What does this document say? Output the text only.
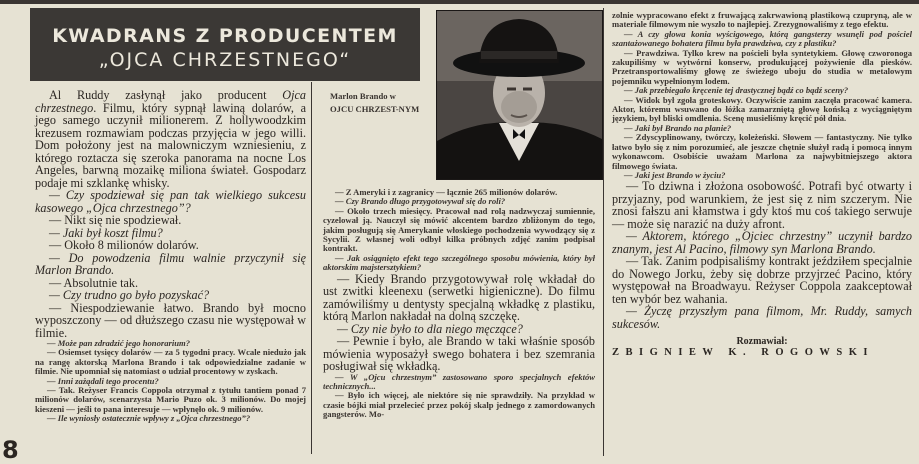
KWADRANS Z PRODUCENTEM
„OJCA CHRZESTNEGO“
Marlon Brando w OJCU CHRZEST-NYM

Al Ruddy zasłynął jako producent Ojca chrzestnego. Filmu, który sypnął lawiną dolarów, a jego samego uczynił milionerem. Z hollywoodzkim krezusem rozmawiam podczas przyjęcia w jego willi. Dom położony jest na malowniczym wzniesieniu, z którego roztacza się szeroka panorama na nocne Los Angeles, barwną mozaikę miliona świateł. Gospodarz podaje mi szklankę whisky.

— Czy spodziewał się pan tak wielkiego sukcesu kasowego „Ojca chrzestnego”?

— Nikt się nie spodziewał.

— Jaki był koszt filmu?

— Około 8 milionów dolarów.

— Do powodzenia filmu walnie przyczynił się Marlon Brando.

— Absolutnie tak.

— Czy trudno go było pozyskać?

— Niespodziewanie łatwo. Brando był mocno wyposzczony — od dłuższego czasu nie występował w filmie.

— Może pan zdradzić jego honorarium?

— Osiemset tysięcy dolarów — za 5 tygodni pracy. Wcale niedużo jak na rangę aktorską Marlona Brando i tak odpowiedzialne zadanie w filmie. Nie upomniał się natomiast o udział procentowy w zyskach.

— Inni zażądali tego procentu?

— Tak. Reżyser Francis Coppola otrzymał z tytułu tantiem ponad 7 milionów dolarów, scenarzysta Mario Puzo ok. 3 milionów. Do mojej kieszeni — jeśli to pana interesuje — wpłynęło ok. 9 milionów.

— Ile wyniosły ostatecznie wpływy z „Ojca chrzestnego”?

— Z Ameryki i z zagranicy — łącznie 265 milionów dolarów.

— Czy Brando długo przygotowywał się do roli?

— Około trzech miesięcy. Pracował nad rolą nadzwyczaj sumiennie, cyzelował ją. Nauczył się mówić akcentem bardzo zbliżonym do tego, jakim posługują się Amerykanie włoskiego pochodzenia wywodzący się z Sycylii. Z własnej woli odbył kilka próbnych zdjęć zanim podpisał kontrakt.

— Jak osiągnięto efekt tego szczególnego sposobu mówienia, który był aktorskim majstersztykiem?

— Kiedy Brando przygotowywał rolę wkładał do ust zwitki kleenexu (serwetki higieniczne). Do filmu zamówiliśmy u dentysty specjalną wkładkę z plastiku, którą Marlon nakładał na dolną szczękę.

— Czy nie było to dla niego męczące?

— Pewnie i było, ale Brando w taki właśnie sposób mówienia wyposażył swego bohatera i bez szemrania posługiwał się wkładką.

— W „Ojcu chrzestnym” zastosowano sporo specjalnych efektów technicznych...

— Było ich więcej, ale niektóre się nie sprawdziły. Na przykład w czasie bójki miał przelecieć przez pokój skalp jednego z zamordowanych gangsterów. Mo-

zolnie wypracowano efekt z fruwającą zakrwawioną plastikową czupryną, ale w materiale filmowym nie wyszło to najlepiej. Zrezygnowaliśmy z tego efektu.

— A czy głowa konia wyścigowego, którą gangsterzy wsunęli pod pościel szantażowanego bohatera filmu była prawdziwa, czy z plastiku?

— Prawdziwa. Tylko krew na pościeli była syntetykiem. Głowę czworonoga zakupiliśmy w wytwórni konserw, produkującej pożywienie dla piesków. Przetransportowaliśmy głowę ze świeżego uboju do studia w metalowym pojemniku wypełnionym lodem.

— Jak przebiegało kręcenie tej drastycznej bądź co bądź sceny?

— Widok był zgoła groteskowy. Oczywiście zanim zaczęła pracować kamera. Aktor, któremu wsuwano do łóżka zamarzniętą głowę końską z wyciągniętym językiem, był bliski omdlenia. Scenę musieliśmy kręcić pół dnia.

— Jaki był Brando na planie?

— Zdyscyplinowany, twórczy, koleżeński. Słowem — fantastyczny. Nie tylko łatwo było się z nim porozumieć, ale jeszcze chętnie służył radą i pomocą innym wykonawcom. Osobiście uważam Marlona za najwybitniejszego aktora filmowego świata.

— Jaki jest Brando w życiu?

— To dziwna i złożona osobowość. Potrafi być otwarty i przyjazny, pod warunkiem, że jest się z nim szczerym. Nie znosi fałszu ani kłamstwa i gdy ktoś mu coś takiego serwuje — może się narazić na duży afront.

— Aktorem, którego „Ojciec chrzestny” uczynił bardzo znanym, jest Al Pacino, filmowy syn Marlona Brando.

— Tak. Zanim podpisaliśmy kontrakt jeździłem specjalnie do Nowego Jorku, żeby się dobrze przyjrzeć Pacino, który występował na Broadwayu. Reżyser Coppola zaakceptował ten wybór bez wahania.

— Życzę przyszłym pana filmom, Mr. Ruddy, samych sukcesów.

Rozmawiał:
ZBIGNIEW K. ROGOWSKI
8
